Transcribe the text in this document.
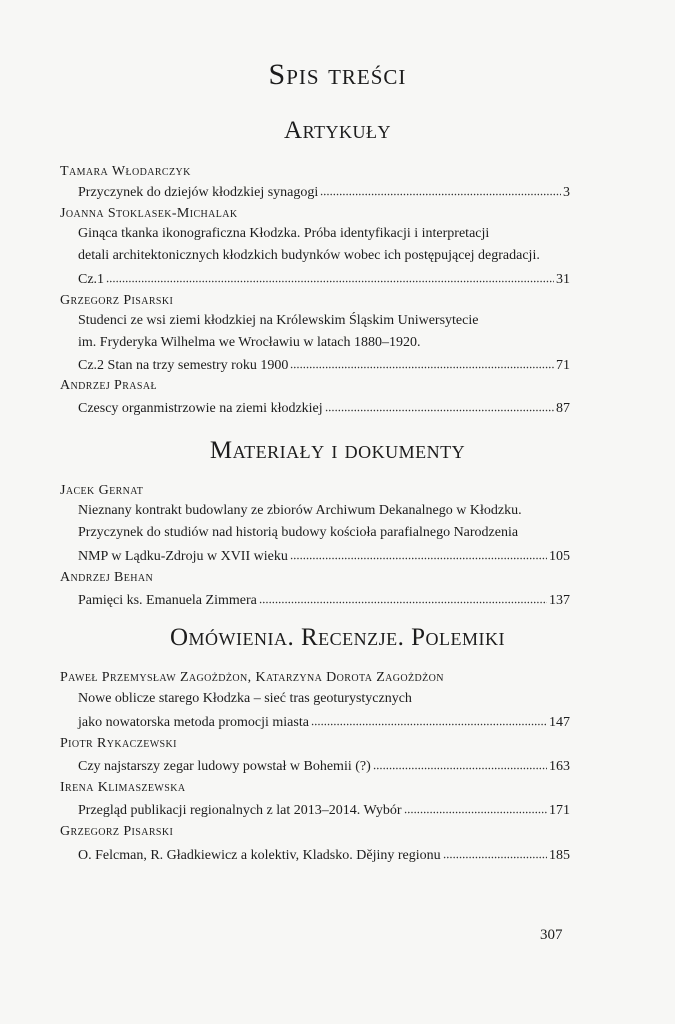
Spis treści
Artykuły
Tamara Włodarczyk
Przyczynek do dziejów kłodzkiej synagogi	3
Joanna Stoklasek-Michalak
Ginąca tkanka ikonograficzna Kłodzka. Próba identyfikacji i interpretacji
detali architektonicznych kłodzkich budynków wobec ich postępującej degradacji.
Cz.1	31
Grzegorz Pisarski
Studenci ze wsi ziemi kłodzkiej na Królewskim Śląskim Uniwersytecie
im. Fryderyka Wilhelma we Wrocławiu w latach 1880–1920.
Cz.2 Stan na trzy semestry roku 1900	71
Andrzej Prasał
Czescy organmistrzowie na ziemi kłodzkiej	87
Materiały i dokumenty
Jacek Gernat
Nieznany kontrakt budowlany ze zbiorów Archiwum Dekanalnego w Kłodzku.
Przyczynek do studiów nad historią budowy kościoła parafialnego Narodzenia
NMP w Lądku-Zdroju w XVII wieku	105
Andrzej Behan
Pamięci ks. Emanuela Zimmera	137
Omówienia. Recenzje. Polemiki
Paweł Przemysław Zagożdżon, Katarzyna Dorota Zagożdżon
Nowe oblicze starego Kłodzka – sieć tras geoturystycznych
jako nowatorska metoda promocji miasta	147
Piotr Rykaczewski
Czy najstarszy zegar ludowy powstał w Bohemii (?)	163
Irena Klimaszewska
Przegląd publikacji regionalnych z lat 2013–2014. Wybór	171
Grzegorz Pisarski
O. Felcman, R. Gładkiewicz a kolektiv, Kladsko. Dějiny regionu	185
307
